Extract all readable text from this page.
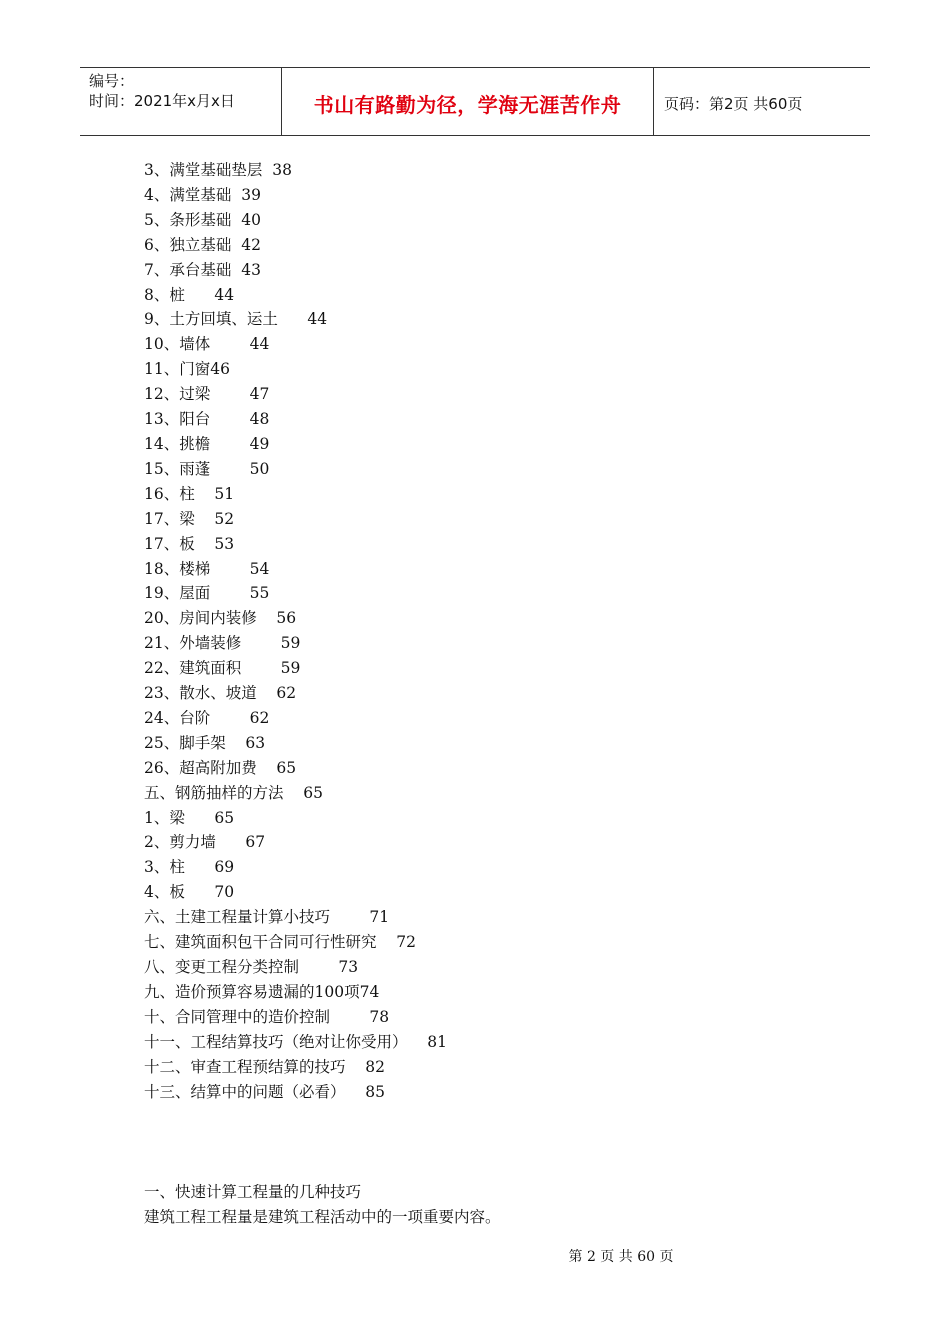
编号：
时间：2021年x月x日	书山有路勤为径，学海无涯苦作舟	页码：第2页 共60页
3、满堂基础垫层  38
4、满堂基础  39
5、条形基础  40
6、独立基础  42
7、承台基础  43
8、桩      44
9、土方回填、运土      44
10、墙体        44
11、门窗46
12、过梁        47
13、阳台        48
14、挑檐        49
15、雨蓬        50
16、柱    51
17、梁    52
17、板    53
18、楼梯        54
19、屋面        55
20、房间内装修    56
21、外墙装修        59
22、建筑面积        59
23、散水、坡道    62
24、台阶        62
25、脚手架    63
26、超高附加费    65
五、钢筋抽样的方法    65
1、梁      65
2、剪力墙      67
3、柱      69
4、板      70
六、土建工程量计算小技巧        71
七、建筑面积包干合同可行性研究    72
八、变更工程分类控制        73
九、造价预算容易遗漏的100项74
十、合同管理中的造价控制        78
十一、工程结算技巧（绝对让你受用）    81
十二、审查工程预结算的技巧    82
十三、结算中的问题（必看）    85
一、快速计算工程量的几种技巧
建筑工程工程量是建筑工程活动中的一项重要内容。
第 2 页 共 60 页
